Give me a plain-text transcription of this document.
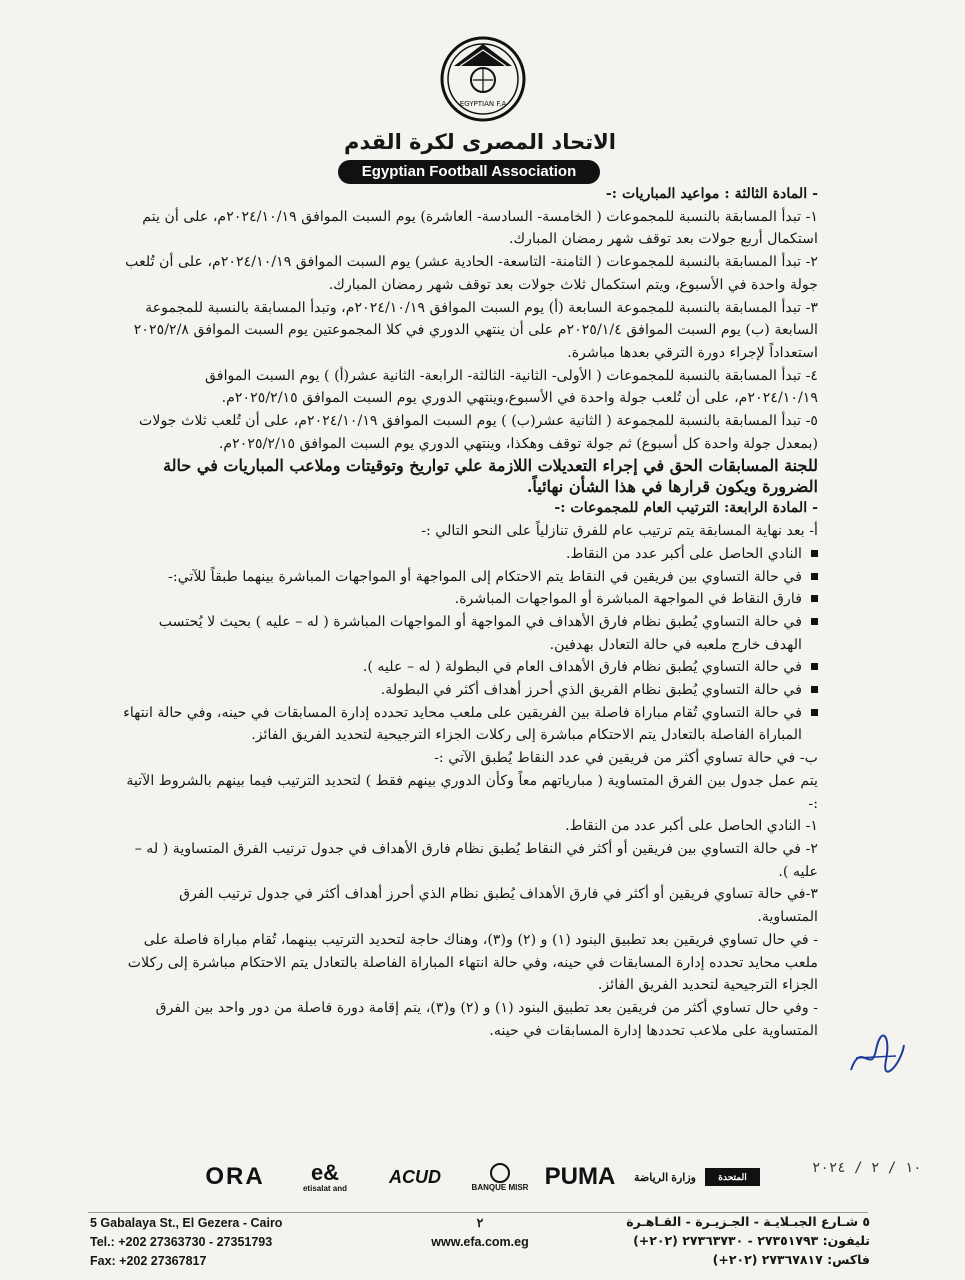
EGYPTIAN F.A
الاتحاد المصرى لكرة القدم
Egyptian Football Association

- المادة الثالثة : مواعيد المباريات :-

١- تبدأ المسابقة بالنسبة للمجموعات ( الخامسة- السادسة- العاشرة) يوم السبت الموافق ٢٠٢٤/١٠/١٩م، على أن يتم استكمال أربع جولات بعد توقف شهر رمضان المبارك.

٢- تبدأ المسابقة بالنسبة للمجموعات ( الثامنة- التاسعة- الحادية عشر) يوم السبت الموافق ٢٠٢٤/١٠/١٩م، على أن تُلعب جولة واحدة في الأسبوع، ويتم استكمال ثلاث جولات بعد توقف شهر رمضان المبارك.

٣- تبدأ المسابقة بالنسبة للمجموعة السابعة (أ) يوم السبت الموافق ٢٠٢٤/١٠/١٩م، وتبدأ المسابقة بالنسبة للمجموعة السابعة (ب) يوم السبت الموافق ٢٠٢٥/١/٤م على أن ينتهي الدوري في كلا المجموعتين يوم السبت الموافق ٢٠٢٥/٢/٨ استعداداً لإجراء دورة الترقي بعدها مباشرة.

٤- تبدأ المسابقة بالنسبة للمجموعات ( الأولى- الثانية- الثالثة- الرابعة- الثانية عشر(أ) ) يوم السبت الموافق ٢٠٢٤/١٠/١٩م، على أن تُلعب جولة واحدة في الأسبوع،وينتهي الدوري يوم السبت الموافق ٢٠٢٥/٢/١٥م.

٥- تبدأ المسابقة بالنسبة للمجموعة ( الثانية عشر(ب) ) يوم السبت الموافق ٢٠٢٤/١٠/١٩م، على أن تُلعب ثلاث جولات (بمعدل جولة واحدة كل أسبوع) ثم جولة توقف وهكذا، وينتهي الدوري يوم السبت الموافق ٢٠٢٥/٢/١٥م.

للجنة المسابقات الحق في إجراء التعديلات اللازمة علي تواريخ وتوقيتات وملاعب المباريات في حالة الضرورة ويكون قرارها في هذا الشأن نهائياً.

- المادة الرابعة: الترتيب العام للمجموعات :-

أ- بعد نهاية المسابقة يتم ترتيب عام للفرق تنازلياً على النحو التالي :-

النادي الحاصل على أكبر عدد من النقاط.
في حالة التساوي بين فريقين في النقاط يتم الاحتكام إلى المواجهة أو المواجهات المباشرة بينهما طبقاً للآتي:-
فارق النقاط في المواجهة المباشرة أو المواجهات المباشرة.
في حالة التساوي يُطبق نظام فارق الأهداف في المواجهة أو المواجهات المباشرة ( له – عليه ) بحيث لا يُحتسب الهدف خارج ملعبه في حالة التعادل بهدفين.
في حالة التساوي يُطبق نظام فارق الأهداف العام في البطولة ( له – عليه ).
في حالة التساوي يُطبق نظام الفريق الذي أحرز أهداف أكثر في البطولة.
في حالة التساوي تُقام مباراة فاصلة بين الفريقين على ملعب محايد تحدده إدارة المسابقات في حينه، وفي حالة انتهاء المباراة الفاصلة بالتعادل يتم الاحتكام مباشرة إلى ركلات الجزاء الترجيحية لتحديد الفريق الفائز.

ب- في حالة تساوي أكثر من فريقين في عدد النقاط يُطبق الآتي :-

يتم عمل جدول بين الفرق المتساوية ( مبارياتهم معاً وكأن الدوري بينهم فقط ) لتحديد الترتيب فيما بينهم بالشروط الآتية :-

١- النادي الحاصل على أكبر عدد من النقاط.

٢- في حالة التساوي بين فريقين أو أكثر في النقاط يُطبق نظام فارق الأهداف في جدول ترتيب الفرق المتساوية ( له – عليه ).

٣-في حالة تساوي فريقين أو أكثر في فارق الأهداف يُطبق نظام الذي أحرز أهداف أكثر في جدول ترتيب الفرق المتساوية.

- في حال تساوي فريقين بعد تطبيق البنود (١) و (٢) و(٣)، وهناك حاجة لتحديد الترتيب بينهما، تُقام مباراة فاصلة على ملعب محايد تحدده إدارة المسابقات في حينه، وفي حالة انتهاء المباراة الفاصلة بالتعادل يتم الاحتكام مباشرة إلى ركلات الجزاء الترجيحية لتحديد الفريق الفائز.

- وفي حال تساوي أكثر من فريقين بعد تطبيق البنود (١) و (٢) و(٣)، يتم إقامة دورة فاصلة من دور واحد بين الفرق المتساوية على ملاعب تحددها إدارة المسابقات في حينه.

ORA e&
etisalat and
ACUD
BANQUE MISR PUMA	وزارة الرياضة	المتحدة
١٠ / ٢ / ٢٠٢٤
5 Gabalaya St., El Gezera - Cairo
Tel.: +202 27363730 - 27351793
Fax: +202 27367817
٢
www.efa.com.eg
٥ شـارع الجبـلايـة - الجـزيـرة - القـاهـرة
تليفون: ٢٧٣٥١٧٩٣ - ٢٧٣٦٣٧٣٠ (٢٠٢+)
فاكس: ٢٧٣٦٧٨١٧ (٢٠٢+)
